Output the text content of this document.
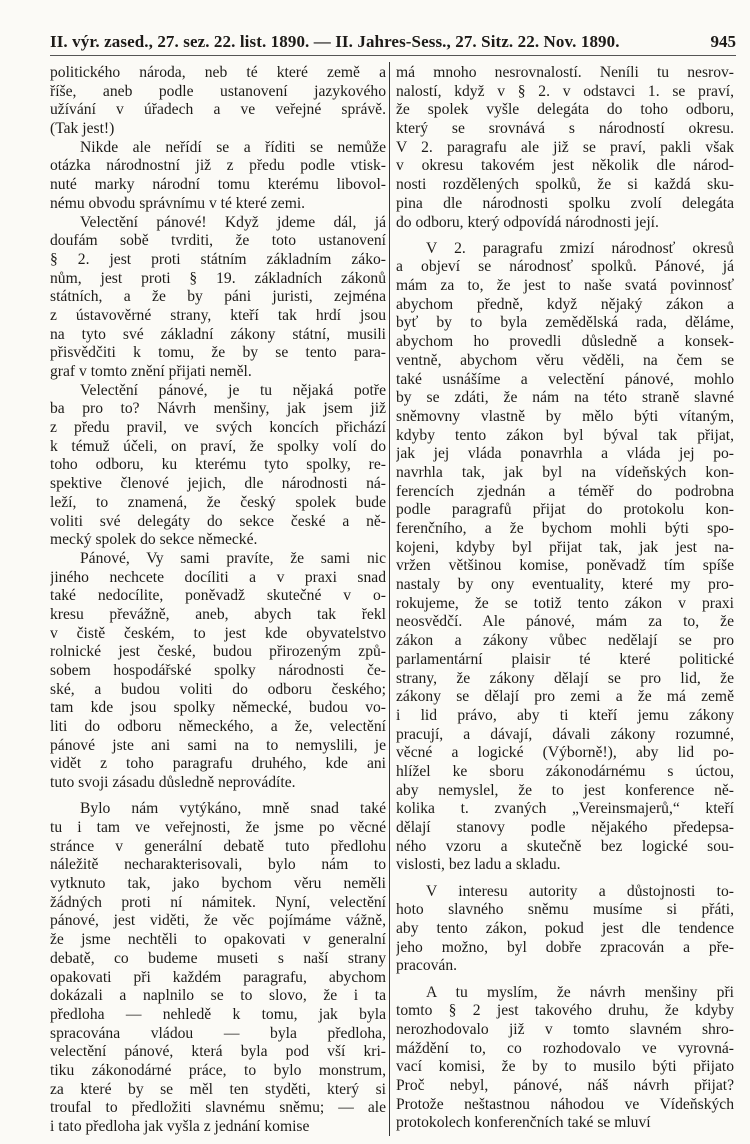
II. výr. zased., 27. sez. 22. list. 1890. — II. Jahres-Sess., 27. Sitz. 22. Nov. 1890.	945
politického národa, neb té které země a
říše, aneb podle ustanovení jazykového
užívání v úřadech a ve veřejné správě.
(Tak jest!)
Nikde ale neřídí se a říditi se nemůže
otázka národnostní již z předu podle vtisk-
nuté marky národní tomu kterému libovol-
nému obvodu správnímu v té které zemi.
Velectění pánové! Když jdeme dál, já
doufám sobě tvrditi, že toto ustanovení
§ 2. jest proti státním základním záko-
nům, jest proti § 19. základních zákonů
státních, a že by páni juristi, zejména
z ústavověrné strany, kteří tak hrdí jsou
na tyto své základní zákony státní, musili
přisvědčiti k tomu, že by se tento para-
graf v tomto znění přijati neměl.
Velectění pánové, je tu nějaká potře
ba pro to? Návrh menšiny, jak jsem již
z předu pravil, ve svých koncích přichází
k témuž účeli, on praví, že spolky volí do
toho odboru, ku kterému tyto spolky, re-
spektive členové jejich, dle národnosti ná-
leží, to znamená, že český spolek bude
voliti své delegáty do sekce české a ně-
mecký spolek do sekce německé.
Pánové, Vy sami pravíte, že sami nic
jiného nechcete docíliti a v praxi snad
také nedocílite, poněvadž skutečné v o-
kresu převážně, aneb, abych tak řekl
v čistě českém, to jest kde obyvatelstvo
rolnické jest české, budou přirozeným způ-
sobem hospodářské spolky národnosti če-
ské, a budou voliti do odboru českého;
tam kde jsou spolky německé, budou vo-
liti do odboru německého, a že, velectění
pánové jste ani sami na to nemyslili, je
vidět z toho paragrafu druhého, kde ani
tuto svoji zásadu důsledně neprovádíte.
Bylo nám vytýkáno, mně snad také
tu i tam ve veřejnosti, že jsme po věcné
stránce v generální debatě tuto předlohu
náležitě necharakterisovali, bylo nám to
vytknuto tak, jako bychom věru neměli
žádných proti ní námitek. Nyní, velectění
pánové, jest viděti, že věc pojímáme vážně,
že jsme nechtěli to opakovati v generalní
debatě, co budeme museti s naší strany
opakovati při každém paragrafu, abychom
dokázali a naplnilo se to slovo, že i ta
předloha — nehledě k tomu, jak byla
spracována vládou — byla předloha,
velectění pánové, která byla pod vší kri-
tiku zákonodárné práce, to bylo monstrum,
za které by se měl ten styděti, který si
troufal to předložiti slavnému sněmu; — ale
i tato předloha jak vyšla z jednání komise
má mnoho nesrovnalostí. Neníli tu nesrov-
nalostí, když v § 2. v odstavci 1. se praví,
že spolek vyšle delegáta do toho odboru,
který se srovnává s národností okresu.
V 2. paragrafu ale již se praví, pakli však
v okresu takovém jest několik dle národ-
nosti rozdělených spolků, že si každá sku-
pina dle národnosti spolku zvolí delegáta
do odboru, který odpovídá národnosti její.
V 2. paragrafu zmizí národnosť okresů
a objeví se národnosť spolků. Pánové, já
mám za to, že jest to naše svatá povinnosť
abychom předně, když nějaký zákon a
byť by to byla zemědělská rada, děláme,
abychom ho provedli důsledně a konsek-
ventně, abychom věru věděli, na čem se
také usnášíme a velectění pánové, mohlo
by se zdáti, že nám na této straně slavné
sněmovny vlastně by mělo býti vítaným,
kdyby tento zákon byl býval tak přijat,
jak jej vláda ponavrhla a vláda jej po-
navrhla tak, jak byl na vídeňských kon-
ferencích zjednán a téměř do podrobna
podle paragrafů přijat do protokolu kon-
ferenčního, a že bychom mohli býti spo-
kojeni, kdyby byl přijat tak, jak jest na-
vržen většinou komise, poněvadž tím spíše
nastaly by ony eventuality, které my pro-
rokujeme, že se totiž tento zákon v praxi
neosvědčí. Ale pánové, mám za to, že
zákon a zákony vůbec nedělají se pro
parlamentární plaisir té které politické
strany, že zákony dělají se pro lid, že
zákony se dělají pro zemi a že má země
i lid právo, aby ti kteří jemu zákony
pracují, a dávají, dávali zákony rozumné,
věcné a logické (Výborně!), aby lid po-
hlížel ke sboru zákonodárnému s úctou,
aby nemyslel, že to jest konference ně-
kolika t. zvaných „Vereinsmajerů,“ kteří
dělají stanovy podle nějakého předepsa-
ného vzoru a skutečně bez logické sou-
vislosti, bez ladu a skladu.
V interesu autority a důstojnosti to-
hoto slavného sněmu musíme si přáti,
aby tento zákon, pokud jest dle tendence
jeho možno, byl dobře zpracován a pře-
pracován.
A tu myslím, že návrh menšiny při
tomto § 2 jest takového druhu, že kdyby
nerozhodovalo již v tomto slavném shro-
máždění to, co rozhodovalo ve vyrovná-
vací komisi, že by to musilo býti přijato
Proč nebyl, pánové, náš návrh přijat?
Protože neštastnou náhodou ve Vídeňských
protokolech konferenčních také se mluví
